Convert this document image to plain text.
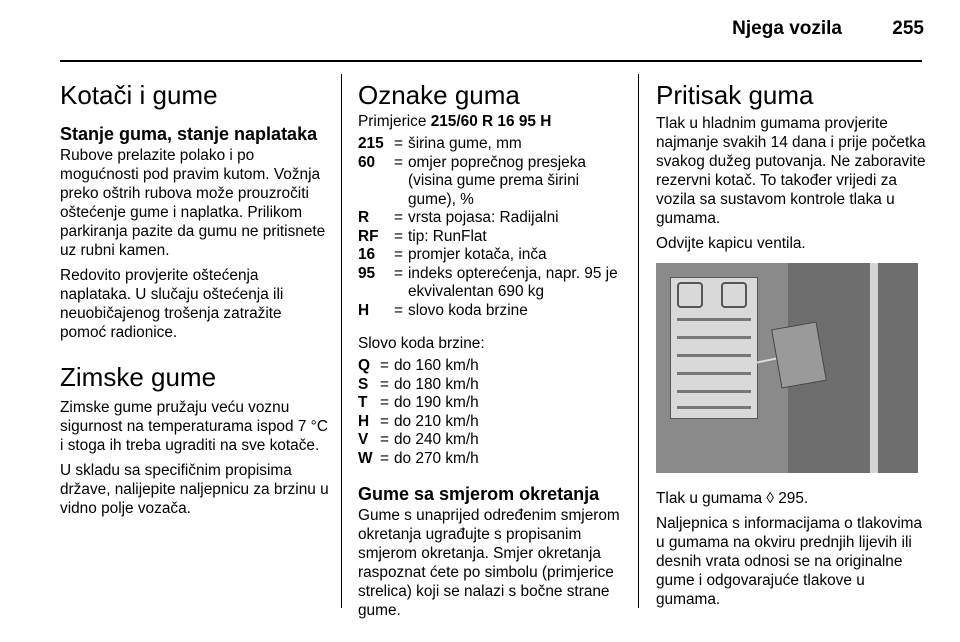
Njega vozila	255
Kotači i gume
Stanje guma, stanje naplataka

Rubove prelazite polako i po mogućnosti pod pravim kutom. Vožnja preko oštrih rubova može prouzročiti oštećenje gume i naplatka. Prilikom parkiranja pazite da gumu ne pritisnete uz rubni kamen.

Redovito provjerite oštećenja naplataka. U slučaju oštećenja ili neuobičajenog trošenja zatražite pomoć radionice.

Zimske gume

Zimske gume pružaju veću voznu sigurnost na temperaturama ispod 7 °C i stoga ih treba ugraditi na sve kotače.

U skladu sa specifičnim propisima države, nalijepite naljepnicu za brzinu u vidno polje vozača.

Oznake guma

Primjerice 215/60 R 16 95 H

215 = širina gume, mm
60	= omjer poprečnog presjeka (visina gume prema širini gume), %
R	= vrsta pojasa: Radijalni
RF	= tip: RunFlat
16	= promjer kotača, inča
95	= indeks opterećenja, napr. 95 je ekvivalentan 690 kg
H	= slovo koda brzine

Slovo koda brzine:

Q = do 160 km/h
S = do 180 km/h
T = do 190 km/h
H = do 210 km/h
V = do 240 km/h
W = do 270 km/h
Gume sa smjerom okretanja

Gume s unaprijed određenim smjerom okretanja ugrađujte s propisanim smjerom okretanja. Smjer okretanja raspoznat ćete po simbolu (primjerice strelica) koji se nalazi s bočne strane gume.

Pritisak guma

Tlak u hladnim gumama provjerite najmanje svakih 14 dana i prije početka svakog dužeg putovanja. Ne zaboravite rezervni kotač. To također vrijedi za vozila sa sustavom kontrole tlaka u gumama.

Odvijte kapicu ventila.

Tlak u gumama ◊ 295.

Naljepnica s informacijama o tlakovima u gumama na okviru prednjih lijevih ili desnih vrata odnosi se na originalne gume i odgovarajuće tlakove u gumama.
